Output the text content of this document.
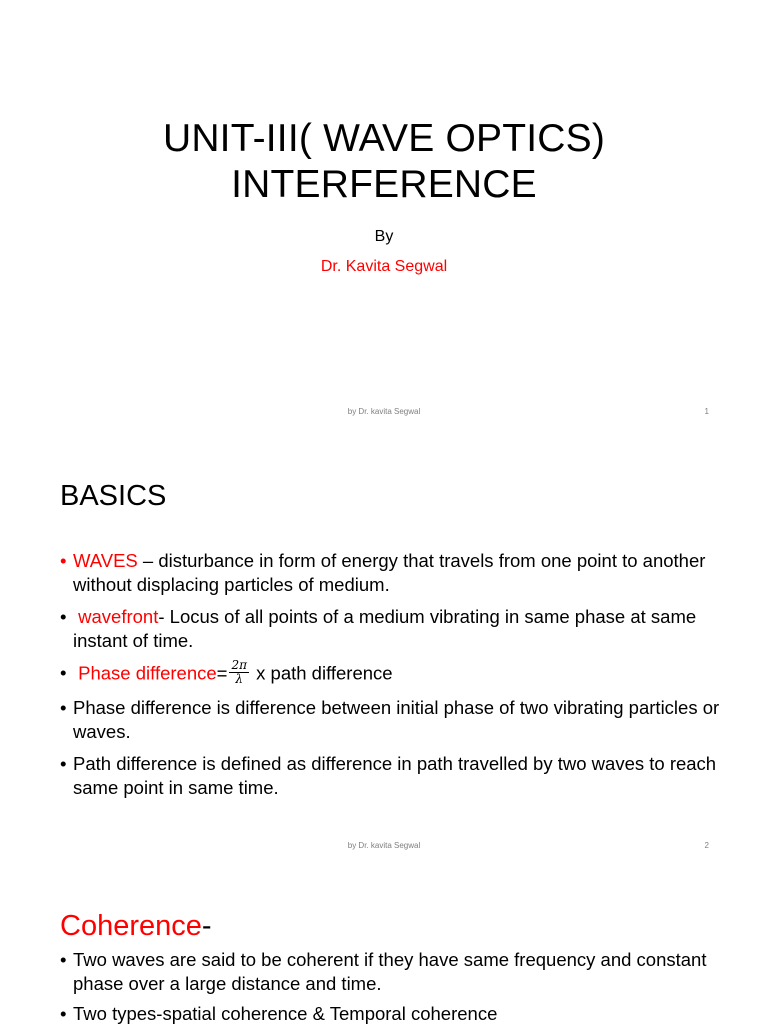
UNIT-III( WAVE OPTICS)
INTERFERENCE
By
Dr. Kavita Segwal
by Dr. kavita Segwal	1
BASICS
• WAVES – disturbance in form of energy that travels from one point to another without displacing particles of medium.
• wavefront- Locus of all points of a medium vibrating in same phase at same instant of time.
• Phase difference= $\frac{2\pi}{\lambda}$ x path difference
• Phase difference is difference between initial phase of two vibrating particles or waves.
• Path difference is defined as difference in path travelled by two waves to reach same point in same time.
by Dr. kavita Segwal	2
Coherence-
• Two waves are said to be coherent if they have same frequency and constant phase over a large distance and time.
• Two types-spatial coherence & Temporal coherence
